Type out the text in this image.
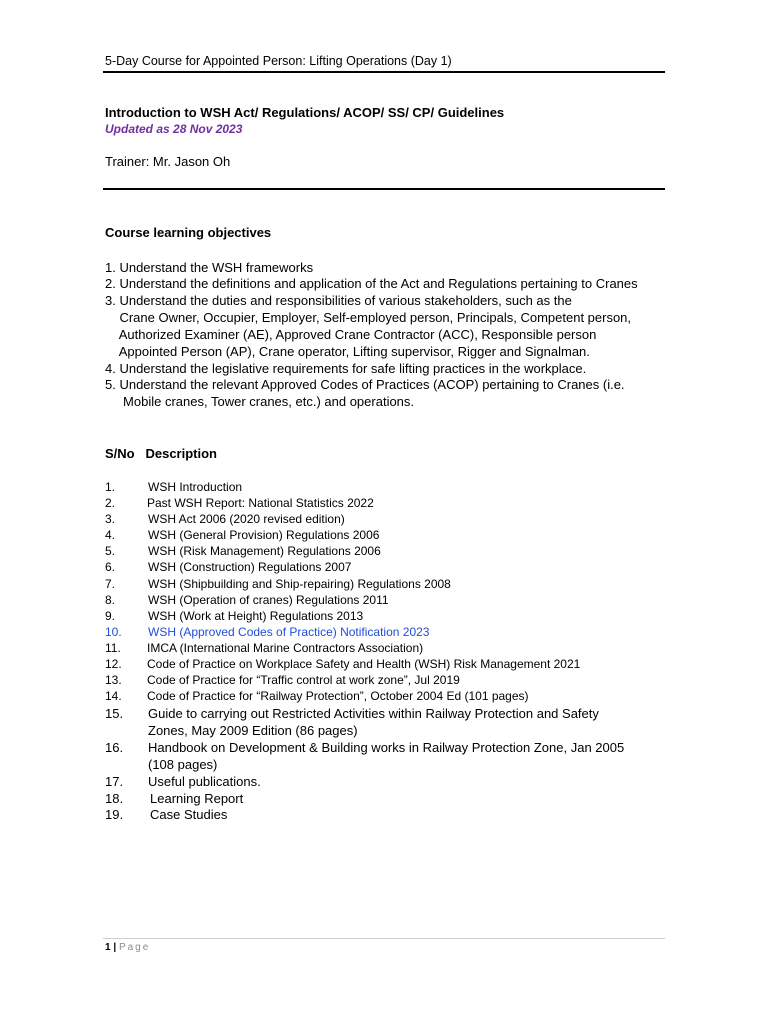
5-Day Course for Appointed Person: Lifting Operations (Day 1)
Introduction to WSH Act/ Regulations/ ACOP/ SS/ CP/ Guidelines
Updated as 28 Nov 2023
Trainer: Mr. Jason Oh
Course learning objectives
1. Understand the WSH frameworks
2. Understand the definitions and application of the Act and Regulations pertaining to Cranes
3. Understand the duties and responsibilities of various stakeholders, such as the
Crane Owner, Occupier, Employer, Self-employed person, Principals, Competent person,
Authorized Examiner (AE), Approved Crane Contractor (ACC), Responsible person
Appointed Person (AP), Crane operator, Lifting supervisor, Rigger and Signalman.
4. Understand the legislative requirements for safe lifting practices in the workplace.
5. Understand the relevant Approved Codes of Practices (ACOP) pertaining to Cranes (i.e.
Mobile cranes, Tower cranes, etc.) and operations.
S/No Description
1.	WSH Introduction
2.	Past WSH Report: National Statistics 2022
3.	WSH Act 2006 (2020 revised edition)
4.	WSH (General Provision) Regulations 2006
5.	WSH (Risk Management) Regulations 2006
6.	WSH (Construction) Regulations 2007
7.	WSH (Shipbuilding and Ship-repairing) Regulations 2008
8.	WSH (Operation of cranes) Regulations 2011
9.	WSH (Work at Height) Regulations 2013
10. WSH (Approved Codes of Practice) Notification 2023
11. IMCA (International Marine Contractors Association)
12. Code of Practice on Workplace Safety and Health (WSH) Risk Management 2021
13. Code of Practice for “Traffic control at work zone”, Jul 2019
14. Code of Practice for “Railway Protection”, October 2004 Ed (101 pages)
15. Guide to carrying out Restricted Activities within Railway Protection and Safety
Zones, May 2009 Edition (86 pages)
16. Handbook on Development & Building works in Railway Protection Zone, Jan 2005
(108 pages)
17. Useful publications.
18. Learning Report
19. Case Studies
1 | Page
